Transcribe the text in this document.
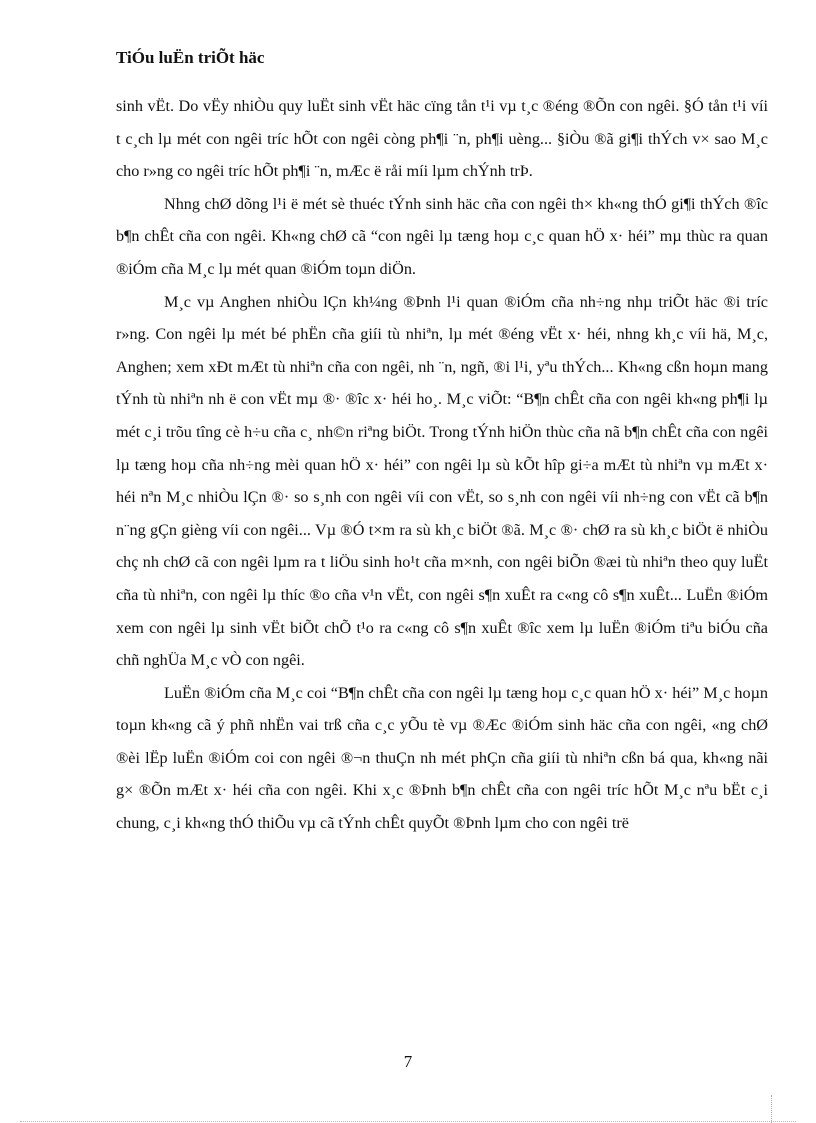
TiÓu luËn triÕt häc

sinh vËt. Do vËy nhiÒu quy luËt sinh vËt häc cïng tån t¹i vµ t¸c ®éng ®Õn con ngêi. §Ó tån t¹i víi t c¸ch lµ mét con ngêi tríc hÕt con ngêi còng ph¶i ¨n, ph¶i uèng... §iÒu ®ã gi¶i thÝch v× sao M¸c cho r»ng co ngêi tríc hÕt ph¶i ¨n, mÆc ë råi míi lµm chÝnh trÞ.

Nhng chØ dõng l¹i ë mét sè thuéc tÝnh sinh häc cña con ngêi th× kh«ng thÓ gi¶i thÝch ®îc b¶n chÊt cña con ngêi. Kh«ng chØ cã “con ngêi lµ tæng hoµ c¸c quan hÖ x· héi” mµ thùc ra quan ®iÓm cña M¸c lµ mét quan ®iÓm toµn diÖn.

M¸c vµ Anghen nhiÒu lÇn kh¼ng ®Þnh l¹i quan ®iÓm cña nh÷ng nhµ triÕt häc ®i tríc r»ng. Con ngêi lµ mét bé phËn cña giíi tù nhiªn, lµ mét ®éng vËt x· héi, nhng kh¸c víi hä, M¸c, Anghen; xem xÐt mÆt tù nhiªn cña con ngêi, nh ¨n, ngñ, ®i l¹i, yªu thÝch... Kh«ng cßn hoµn mang tÝnh tù nhiªn nh ë con vËt mµ ®· ®îc x· héi ho¸. M¸c viÕt: “B¶n chÊt cña con ngêi kh«ng ph¶i lµ mét c¸i trõu tîng cè h÷u cña c¸ nh©n riªng biÖt. Trong tÝnh hiÖn thùc cña nã b¶n chÊt cña con ngêi lµ tæng hoµ cña nh÷ng mèi quan hÖ x· héi” con ngêi lµ sù kÕt hîp gi÷a mÆt tù nhiªn vµ mÆt x· héi nªn M¸c nhiÒu lÇn ®· so s¸nh con ngêi víi con vËt, so s¸nh con ngêi víi nh÷ng con vËt cã b¶n n¨ng gÇn gièng víi con ngêi... Vµ ®Ó t×m ra sù kh¸c biÖt ®ã. M¸c ®· chØ ra sù kh¸c biÖt ë nhiÒu chç nh chØ cã con ngêi lµm ra t liÖu sinh ho¹t cña m×nh, con ngêi biÕn ®æi tù nhiªn theo quy luËt cña tù nhiªn, con ngêi lµ thíc ®o cña v¹n vËt, con ngêi s¶n xuÊt ra c«ng cô s¶n xuÊt... LuËn ®iÓm xem con ngêi lµ sinh vËt biÕt chÕ t¹o ra c«ng cô s¶n xuÊt ®îc xem lµ luËn ®iÓm tiªu biÓu cña chñ nghÜa M¸c vÒ con ngêi.

LuËn ®iÓm cña M¸c coi “B¶n chÊt cña con ngêi lµ tæng hoµ c¸c quan hÖ x· héi” M¸c hoµn toµn kh«ng cã ý phñ nhËn vai trß cña c¸c yÕu tè vµ ®Æc ®iÓm sinh häc cña con ngêi, «ng chØ ®èi lËp luËn ®iÓm coi con ngêi ®¬n thuÇn nh mét phÇn cña giíi tù nhiªn cßn bá qua, kh«ng nãi g× ®Õn mÆt x· héi cña con ngêi. Khi x¸c ®Þnh b¶n chÊt cña con ngêi tríc hÕt M¸c nªu bËt c¸i chung, c¸i kh«ng thÓ thiÕu vµ cã tÝnh chÊt quyÕt ®Þnh lµm cho con ngêi trë

7
